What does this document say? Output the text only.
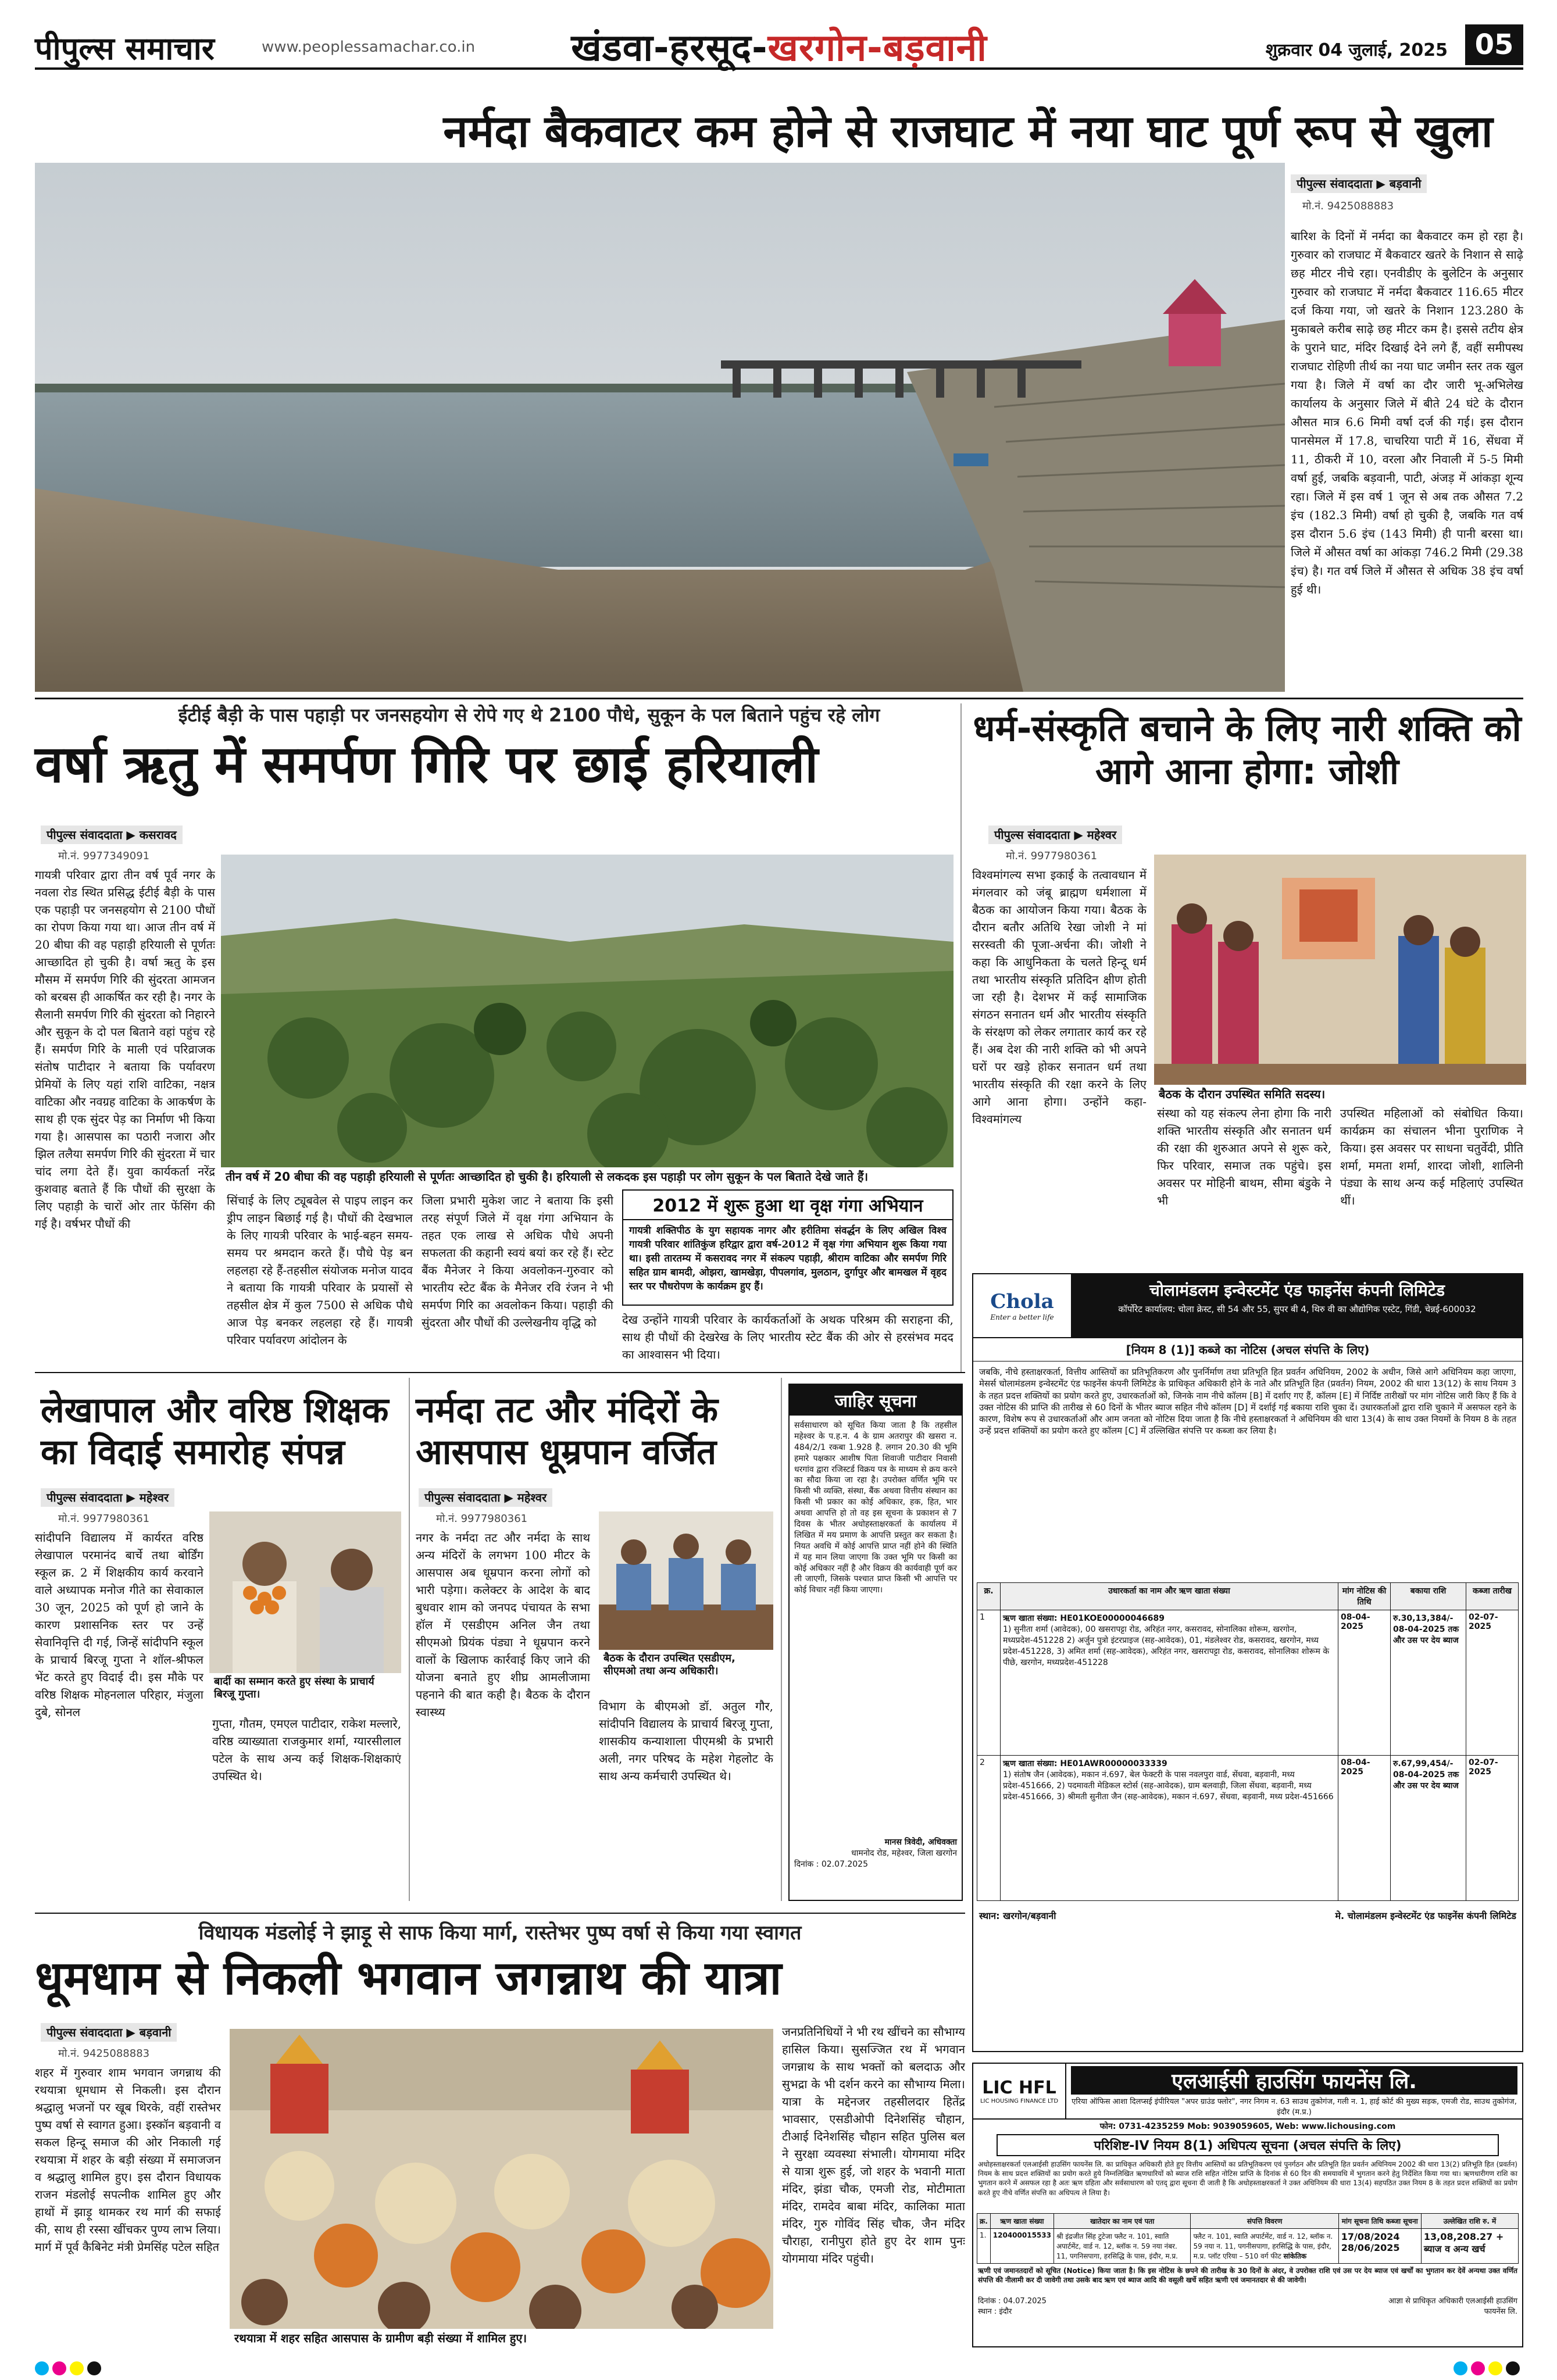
पीपुल्स समाचार	www.peoplessamachar.co.in	खंडवा-हरसूद-खरगोन-बड़वानी	शुक्रवार 04 जुलाई, 2025 05
नर्मदा बैकवाटर कम होने से राजघाट में नया घाट पूर्ण रूप से खुला
पीपुल्स संवाददाता ▶ बड़वानी
मो.नं. 9425088883
बारिश के दिनों में नर्मदा का बैकवाटर कम हो रहा है। गुरुवार को राजघाट में बैकवाटर खतरे के निशान से साढ़े छह मीटर नीचे रहा। एनवीडीए के बुलेटिन के अनुसार गुरुवार को राजघाट में नर्मदा बैकवाटर 116.65 मीटर दर्ज किया गया, जो खतरे के निशान 123.280 के मुकाबले करीब साढ़े छह मीटर कम है। इससे तटीय क्षेत्र के पुराने घाट, मंदिर दिखाई देने लगे हैं, वहीं समीपस्थ राजघाट रोहिणी तीर्थ का नया घाट जमीन स्तर तक खुल गया है। जिले में वर्षा का दौर जारी भू-अभिलेख कार्यालय के अनुसार जिले में बीते 24 घंटे के दौरान औसत मात्र 6.6 मिमी वर्षा दर्ज की गई। इस दौरान पानसेमल में 17.8, चाचरिया पाटी में 16, सेंधवा में 11, ठीकरी में 10, वरला और निवाली में 5-5 मिमी वर्षा हुई, जबकि बड़वानी, पाटी, अंजड़ में आंकड़ा शून्य रहा। जिले में इस वर्ष 1 जून से अब तक औसत 7.2 इंच (182.3 मिमी) वर्षा हो चुकी है, जबकि गत वर्ष इस दौरान 5.6 इंच (143 मिमी) ही पानी बरसा था। जिले में औसत वर्षा का आंकड़ा 746.2 मिमी (29.38 इंच) है। गत वर्ष जिले में औसत से अधिक 38 इंच वर्षा हुई थी।
ईटीई बैड़ी के पास पहाड़ी पर जनसहयोग से रोपे गए थे 2100 पौधे, सुकून के पल बिताने पहुंच रहे लोग
वर्षा ऋतु में समर्पण गिरि पर छाई हरियाली
पीपुल्स संवाददाता ▶ कसरावद
मो.नं. 9977349091
गायत्री परिवार द्वारा तीन वर्ष पूर्व नगर के नवला रोड स्थित प्रसिद्ध ईटीई बैड़ी के पास एक पहाड़ी पर जनसहयोग से 2100 पौधों का रोपण किया गया था। आज तीन वर्ष में 20 बीघा की वह पहाड़ी हरियाली से पूर्णतः आच्छादित हो चुकी है। वर्षा ऋतु के इस मौसम में समर्पण गिरि की सुंदरता आमजन को बरबस ही आकर्षित कर रही है। नगर के सैलानी समर्पण गिरि की सुंदरता को निहारने और सुकून के दो पल बिताने वहां पहुंच रहे हैं। समर्पण गिरि के माली एवं परिव्राजक संतोष पाटीदार ने बताया कि पर्यावरण प्रेमियों के लिए यहां राशि वाटिका, नक्षत्र वाटिका और नवग्रह वाटिका के आकर्षण के साथ ही एक सुंदर पेड़ का निर्माण भी किया गया है। आसपास का पठारी नजारा और झिल तलैया समर्पण गिरि की सुंदरता में चार चांद लगा देते हैं। युवा कार्यकर्ता नरेंद्र कुशवाह बताते हैं कि पौधों की सुरक्षा के लिए पहाड़ी के चारों ओर तार फेंसिंग की गई है। वर्षभर पौधों की
तीन वर्ष में 20 बीघा की वह पहाड़ी हरियाली से पूर्णतः आच्छादित हो चुकी है। हरियाली से लकदक इस पहाड़ी पर लोग सुकून के पल बिताते देखे जाते हैं।
सिंचाई के लिए ट्यूबवेल से पाइप लाइन कर ड्रीप लाइन बिछाई गई है। पौधों की देखभाल के लिए गायत्री परिवार के भाई-बहन समय-समय पर श्रमदान करते हैं। पौधे पेड़ बन लहलहा रहे हैं-तहसील संयोजक मनोज यादव ने बताया कि गायत्री परिवार के प्रयासों से तहसील क्षेत्र में कुल 7500 से अधिक पौधे आज पेड़ बनकर लहलहा रहे हैं। गायत्री परिवार पर्यावरण आंदोलन के
जिला प्रभारी मुकेश जाट ने बताया कि इसी तरह संपूर्ण जिले में वृक्ष गंगा अभियान के तहत एक लाख से अधिक पौधे अपनी सफलता की कहानी स्वयं बयां कर रहे हैं। स्टेट बैंक मैनेजर ने किया अवलोकन-गुरुवार को भारतीय स्टेट बैंक के मैनेजर रवि रंजन ने भी समर्पण गिरि का अवलोकन किया। पहाड़ी की सुंदरता और पौधों की उल्लेखनीय वृद्धि को
2012 में शुरू हुआ था वृक्ष गंगा अभियान
गायत्री शक्तिपीठ के युग सहायक नागर और हरीतिमा संवर्द्धन के लिए अखिल विश्व गायत्री परिवार शांतिकुंज हरिद्वार द्वारा वर्ष-2012 में वृक्ष गंगा अभियान शुरू किया गया था। इसी तारतम्य में कसरावद नगर में संकल्प पहाड़ी, श्रीराम वाटिका और समर्पण गिरि सहित ग्राम बामदी, ओझरा, खामखेड़ा, पीपलगांव, मुलठान, दुर्गापुर और बामखल में वृहद स्तर पर पौधरोपण के कार्यक्रम हुए हैं।
देख उन्होंने गायत्री परिवार के कार्यकर्ताओं के अथक परिश्रम की सराहना की, साथ ही पौधों की देखरेख के लिए भारतीय स्टेट बैंक की ओर से हरसंभव मदद का आश्वासन भी दिया।
धर्म-संस्कृति बचाने के लिए नारी शक्ति को आगे आना होगा: जोशी
पीपुल्स संवाददाता ▶ महेश्वर
मो.नं. 9977980361
विश्वमांगल्य सभा इकाई के तत्वावधान में मंगलवार को जंबू ब्राह्मण धर्मशाला में बैठक का आयोजन किया गया। बैठक के दौरान बतौर अतिथि रेखा जोशी ने मां सरस्वती की पूजा-अर्चना की। जोशी ने कहा कि आधुनिकता के चलते हिन्दू धर्म तथा भारतीय संस्कृति प्रतिदिन क्षीण होती जा रही है। देशभर में कई सामाजिक संगठन सनातन धर्म और भारतीय संस्कृति के संरक्षण को लेकर लगातार कार्य कर रहे हैं। अब देश की नारी शक्ति को भी अपने घरों पर खड़े होकर सनातन धर्म तथा भारतीय संस्कृति की रक्षा करने के लिए आगे आना होगा। उन्होंने कहा- विश्वमांगल्य
बैठक के दौरान उपस्थित समिति सदस्य।
संस्था को यह संकल्प लेना होगा कि नारी शक्ति भारतीय संस्कृति और सनातन धर्म की रक्षा की शुरुआत अपने से शुरू करे, फिर परिवार, समाज तक पहुंचे। इस अवसर पर मोहिनी बाथम, सीमा बंडुके ने भी
उपस्थित महिलाओं को संबोधित किया। कार्यक्रम का संचालन भीना पुराणिक ने किया। इस अवसर पर साधना चतुर्वेदी, प्रीति शर्मा, ममता शर्मा, शारदा जोशी, शालिनी पंड्या के साथ अन्य कई महिलाएं उपस्थित थीं।
Chola
Enter a better life
चोलामंडलम इन्वेस्टमेंट एंड फाइनेंस कंपनी लिमिटेड
कॉर्पोरेट कार्यालय: चोला क्रेस्ट, सी 54 और 55, सुपर बी 4, थिरु वी का औद्योगिक एस्टेट, गिंडी, चेन्नई-600032
[नियम 8 (1)] कब्जे का नोटिस (अचल संपत्ति के लिए)
जबकि, नीचे हस्ताक्षरकर्ता, वित्तीय आस्तियों का प्रतिभूतिकरण और पुनर्निर्माण तथा प्रतिभूति हित प्रवर्तन अधिनियम, 2002 के अधीन, जिसे आगे अधिनियम कहा जाएगा, मेसर्स चोलामंडलम इन्वेस्टमेंट एंड फाइनेंस कंपनी लिमिटेड के प्राधिकृत अधिकारी होने के नाते और प्रतिभूति हित (प्रवर्तन) नियम, 2002 की धारा 13(12) के साथ नियम 3 के तहत प्रदत्त शक्तियों का प्रयोग करते हुए, उधारकर्ताओं को, जिनके नाम नीचे कॉलम [B] में दर्शाए गए हैं, कॉलम [E] में निर्दिष्ट तारीखों पर मांग नोटिस जारी किए हैं कि वे उक्त नोटिस की प्राप्ति की तारीख से 60 दिनों के भीतर ब्याज सहित नीचे कॉलम [D] में दर्शाई गई बकाया राशि चुका दें। उधारकर्ताओं द्वारा राशि चुकाने में असफल रहने के कारण, विशेष रूप से उधारकर्ताओं और आम जनता को नोटिस दिया जाता है कि नीचे हस्ताक्षरकर्ता ने अधिनियम की धारा 13(4) के साथ उक्त नियमों के नियम 8 के तहत उन्हें प्रदत्त शक्तियों का प्रयोग करते हुए कॉलम [C] में उल्लिखित संपत्ति पर कब्जा कर लिया है।
क्र.	उधारकर्ता का नाम और ऋण खाता संख्या	मांग नोटिस की तिथि	बकाया राशि	कब्जा तारीख
1	ऋण खाता संख्या: HE01KOE00000046689
1) सुनीता शर्मा (आवेदक), 00 खसरापट्टा रोड, अरिहंत नगर, कसरावद, सोनालिका शोरूम, खरगोन, मध्यप्रदेश-451228 2) अर्जुन पुत्रो इंटरप्राइज (सह-आवेदक), 01, मंडलेश्वर रोड, कसरावद, खरगोन, मध्य प्रदेश-451228, 3) अमित शर्मा (सह-आवेदक), अरिहंत नगर, खसरापट्टा रोड, कसरावद, सोनालिका शोरूम के पीछे, खरगोन, मध्यप्रदेश-451228	08-04-2025	रु.30,13,384/- 08-04-2025 तक और उस पर देय ब्याज	02-07-2025
2	ऋण खाता संख्या: HE01AWR00000033339
1) संतोष जैन (आवेदक), मकान नं.697, बेल फेक्टरी के पास नवलपुरा वार्ड, सेंधवा, बड़वानी, मध्य प्रदेश-451666, 2) पदमावती मेडिकल स्टोर्स (सह-आवेदक), ग्राम बलवाड़ी, जिला सेंधवा, बड़वानी, मध्य प्रदेश-451666, 3) श्रीमती सुनीता जैन (सह-आवेदक), मकान नं.697, सेंधवा, बड़वानी, मध्य प्रदेश-451666	08-04-2025	रु.67,99,454/- 08-04-2025 तक और उस पर देय ब्याज	02-07-2025
स्थान: खरगोन/बड़वानी	मे. चोलामंडलम इन्वेस्टमेंट एंड फाइनेंस कंपनी लिमिटेड
लेखापाल और वरिष्ठ शिक्षक का विदाई समारोह संपन्न
पीपुल्स संवाददाता ▶ महेश्वर
मो.नं. 9977980361
सांदीपनि विद्यालय में कार्यरत वरिष्ठ लेखापाल परमानंद बार्चे तथा बोर्डिंग स्कूल क्र. 2 में शिक्षकीय कार्य करवाने वाले अध्यापक मनोज गीते का सेवाकाल 30 जून, 2025 को पूर्ण हो जाने के कारण प्रशासनिक स्तर पर उन्हें सेवानिवृत्ति दी गई, जिन्हें सांदीपनि स्कूल के प्राचार्य बिरजू गुप्ता ने शॉल-श्रीफल भेंट करते हुए विदाई दी। इस मौके पर वरिष्ठ शिक्षक मोहनलाल परिहार, मंजुला दुबे, सोनल
बार्दी का सम्मान करते हुए संस्था के प्राचार्य बिरजू गुप्ता।
गुप्ता, गौतम, एमएल पाटीदार, राकेश मल्लारे, वरिष्ठ व्याख्याता राजकुमार शर्मा, ग्यारसीलाल पटेल के साथ अन्य कई शिक्षक-शिक्षकाएं उपस्थित थे।
नर्मदा तट और मंदिरों के आसपास धूम्रपान वर्जित
पीपुल्स संवाददाता ▶ महेश्वर
मो.नं. 9977980361
नगर के नर्मदा तट और नर्मदा के साथ अन्य मंदिरों के लगभग 100 मीटर के आसपास अब धूम्रपान करना लोगों को भारी पड़ेगा। कलेक्टर के आदेश के बाद बुधवार शाम को जनपद पंचायत के सभा हॉल में एसडीएम अनिल जैन तथा सीएमओ प्रियंक पंड्या ने धूम्रपान करने वालों के खिलाफ कार्रवाई किए जाने की योजना बनाते हुए शीघ्र आमलीजामा पहनाने की बात कही है। बैठक के दौरान स्वास्थ्य
बैठक के दौरान उपस्थित एसडीएम, सीएमओ तथा अन्य अधिकारी।
विभाग के बीएमओ डॉ. अतुल गौर, सांदीपनि विद्यालय के प्राचार्य बिरजू गुप्ता, शासकीय कन्याशाला पीएमश्री के प्रभारी अली, नगर परिषद के महेश गेहलोट के साथ अन्य कर्मचारी उपस्थित थे।
जाहिर सूचना
सर्वसाधारण को सूचित किया जाता है कि तहसील महेश्वर के प.ह.न. 4 के ग्राम अतरापुर की खसरा न. 484/2/1 रकबा 1.928 है. लगान 20.30 की भूमि हमारे पक्षकार आशीष पिता शिवाजी पाटीदार निवासी धरगांव द्वारा रजिस्टर्ड विक्रय पत्र के माध्यम से क्रय करने का सौदा किया जा रहा है। उपरोक्त वर्णित भूमि पर किसी भी व्यक्ति, संस्था, बैंक अथवा वित्तीय संस्थान का किसी भी प्रकार का कोई अधिकार, हक, हित, भार अथवा आपत्ति हो तो वह इस सूचना के प्रकाशन से 7 दिवस के भीतर अधोहस्ताक्षरकर्ता के कार्यालय में लिखित में मय प्रमाण के आपत्ति प्रस्तुत कर सकता है। नियत अवधि में कोई आपत्ति प्राप्त नहीं होने की स्थिति में यह मान लिया जाएगा कि उक्त भूमि पर किसी का कोई अधिकार नहीं है और विक्रय की कार्यवाही पूर्ण कर ली जाएगी, जिसके पश्चात प्राप्त किसी भी आपत्ति पर कोई विचार नहीं किया जाएगा।
मानस त्रिवेदी, अधिवक्ता
धामनोद रोड, महेश्वर, जिला खरगोन
दिनांक : 02.07.2025
विधायक मंडलोई ने झाड़ू से साफ किया मार्ग, रास्तेभर पुष्प वर्षा से किया गया स्वागत
धूमधाम से निकली भगवान जगन्नाथ की यात्रा
पीपुल्स संवाददाता ▶ बड़वानी
मो.नं. 9425088883
शहर में गुरुवार शाम भगवान जगन्नाथ की रथयात्रा धूमधाम से निकली। इस दौरान श्रद्धालु भजनों पर खूब थिरके, वहीं रास्तेभर पुष्प वर्षा से स्वागत हुआ। इस्कॉन बड़वानी व सकल हिन्दू समाज की ओर निकाली गई रथयात्रा में शहर के बड़ी संख्या में समाजजन व श्रद्धालु शामिल हुए। इस दौरान विधायक राजन मंडलोई सपत्नीक शामिल हुए और हाथों में झाड़ू थामकर रथ मार्ग की सफाई की, साथ ही रस्सा खींचकर पुण्य लाभ लिया। मार्ग में पूर्व कैबिनेट मंत्री प्रेमसिंह पटेल सहित
रथयात्रा में शहर सहित आसपास के ग्रामीण बड़ी संख्या में शामिल हुए।
जनप्रतिनिधियों ने भी रथ खींचने का सौभाग्य हासिल किया। सुसज्जित रथ में भगवान जगन्नाथ के साथ भक्तों को बलदाऊ और सुभद्रा के भी दर्शन करने का सौभाग्य मिला। यात्रा के मद्देनजर तहसीलदार हितेंद्र भावसार, एसडीओपी दिनेशसिंह चौहान, टीआई दिनेशसिंह चौहान सहित पुलिस बल ने सुरक्षा व्यवस्था संभाली। योगमाया मंदिर से यात्रा शुरू हुई, जो शहर के भवानी माता मंदिर, झंडा चौक, एमजी रोड, मोटीमाता मंदिर, रामदेव बाबा मंदिर, कालिका माता मंदिर, गुरु गोविंद सिंह चौक, जैन मंदिर चौराहा, रानीपुरा होते हुए देर शाम पुनः योगमाया मंदिर पहुंची।
LIC HFL
LIC HOUSING FINANCE LTD
एलआईसी हाउसिंग फायनेंस लि.
एरिया ऑफिस आशा दिलप्सई इंपीरियल "अपर ग्राउंड फ्लोर", नगर निगम न. 63 साउथ तुकोगंज, गली न. 1, हाई कोर्ट की मुख्य सड़क, एमजी रोड, साउथ तुकोगंज, इंदौर (म.प्र.)
फोन: 0731-4235259 Mob: 9039059605, Web: www.lichousing.com
परिशिष्ट-IV नियम 8(1) अधिपत्य सूचना (अचल संपत्ति के लिए)
अधोहस्ताक्षरकर्ता एलआईसी हाउसिंग फायनेंस लि. का प्राधिकृत अधिकारी होते हुए वित्तीय आस्तियों का प्रतिभूतिकरण एवं पुनर्गठन और प्रतिभूति हित प्रवर्तन अधिनियम 2002 की धारा 13(2) प्रतिभूति हित (प्रवर्तन) नियम के साथ प्रदत्त शक्तियों का प्रयोग करते हुये निम्नलिखित ऋणधारियों को ब्याज राशि सहित नोटिस प्राप्ति के दिनांक से 60 दिन की समयावधि में भुगतान करने हेतु निर्देशित किया गया था। ऋणधारीगण राशि का भुगतान करने में असफल रहा है अतः ऋण ग्रहिता और सर्वसाधारण को एतद् द्वारा सूचना दी जाती है कि अधोहस्ताक्षरकर्ता ने उक्त अधिनियम की धारा 13(4) सहपठित उक्त नियम 8 के तहत प्रदत्त शक्तियों का प्रयोग करते हुए नीचे वर्णित संपत्ति का अधिपत्य ले लिया है।
क्र.	ऋण खाता संख्या	खातेदार का नाम एवं पता	संपत्ति विवरण	मांग सूचना तिथि कब्जा सूचना	उल्लेखित राशि रु. में
1.	120400015533	श्री इंद्रजीत सिंह टुटेजा फ्लैट न. 101, स्वाति अपार्टमेंट, वार्ड न. 12, ब्लॉक न. 59 नया नंबर. 11, पगनिसपागा, हरसिद्धि के पास, इंदौर, म.प्र.	फ्लैट न. 101, स्वाति अपार्टमेंट, वार्ड न. 12, ब्लॉक न. 59 नया न. 11, पगनीसपागा, हरसिद्धि के पास, इंदौर, म.प्र. प्लॉट एरिया – 510 वर्ग फीट सांकेतिक	17/08/2024 28/06/2025	13,08,208.27 + ब्याज व अन्य खर्च
ऋणी एवं जमानतदारों को सूचित (Notice) किया जाता है। कि इस नोटिस के छपने की तारीख के 30 दिनों के अंदर, वे उपरोक्त राशि एवं उस पर देय ब्याज एवं खर्चों का भुगतान कर देवें अन्यथा उक्त वर्णित संपत्ति की नीलामी कर दी जावेगी तथा उसके बाद ऋण एवं ब्याज आदि की वसूली खर्चे सहित ऋणी एवं जमानतदार से की जावेगी।
दिनांक : 04.07.2025
स्थान : इंदौर
आज्ञा से प्राधिकृत अधिकारी एलआईसी हाउसिंग फायनेंस लि.
